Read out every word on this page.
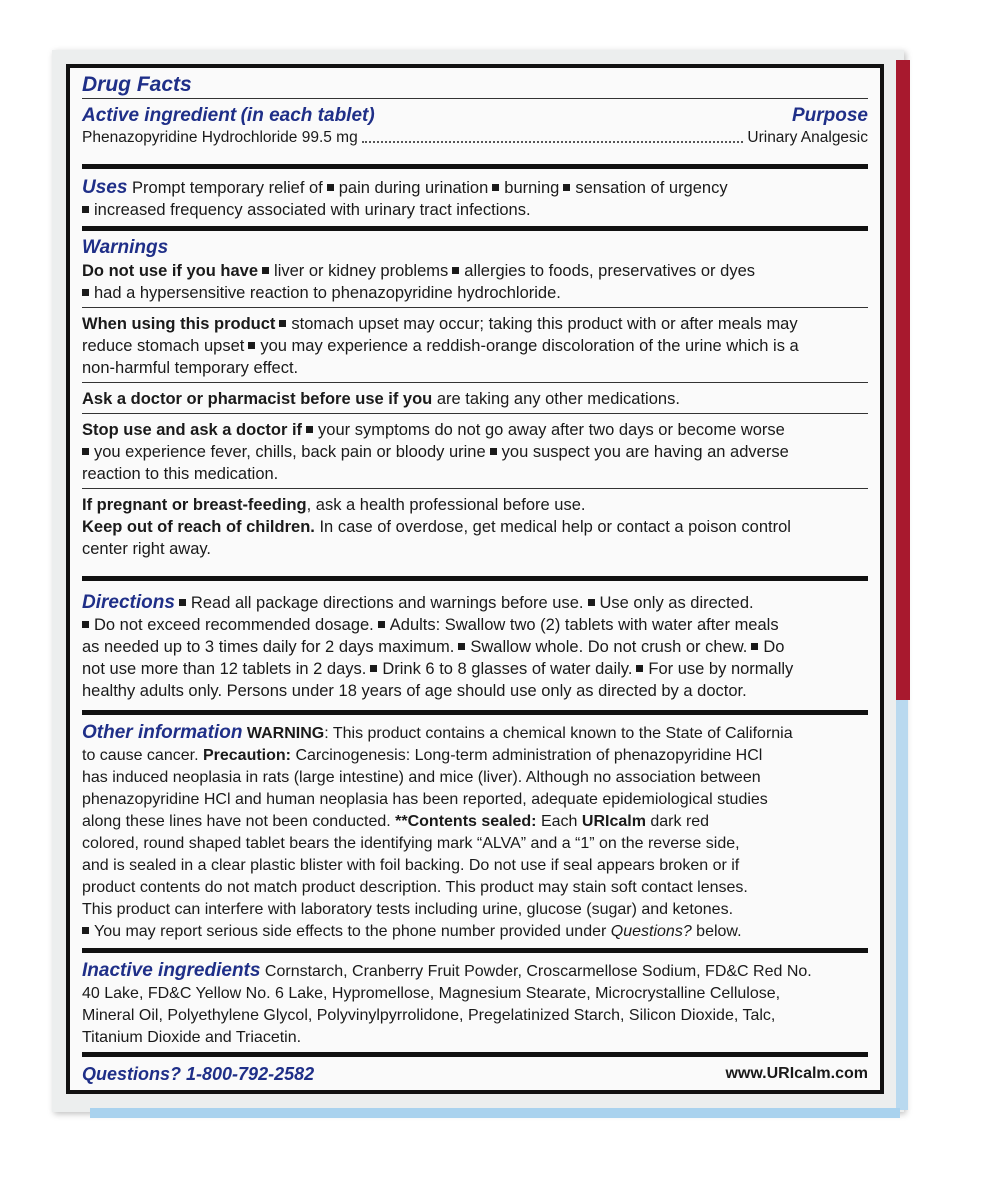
Drug Facts
Active ingredient (in each tablet)	Purpose
Phenazopyridine Hydrochloride 99.5 mg	Urinary Analgesic
Uses Prompt temporary relief of pain during urination burning sensation of urgency
increased frequency associated with urinary tract infections.
Warnings
Do not use if you have liver or kidney problems allergies to foods, preservatives or dyes
had a hypersensitive reaction to phenazopyridine hydrochloride.
When using this product stomach upset may occur; taking this product with or after meals may
reduce stomach upset you may experience a reddish-orange discoloration of the urine which is a
non-harmful temporary effect.
Ask a doctor or pharmacist before use if you are taking any other medications.
Stop use and ask a doctor if your symptoms do not go away after two days or become worse
you experience fever, chills, back pain or bloody urine you suspect you are having an adverse
reaction to this medication.
If pregnant or breast-feeding, ask a health professional before use.
Keep out of reach of children. In case of overdose, get medical help or contact a poison control
center right away.
Directions Read all package directions and warnings before use. Use only as directed.
Do not exceed recommended dosage. Adults: Swallow two (2) tablets with water after meals
as needed up to 3 times daily for 2 days maximum. Swallow whole. Do not crush or chew. Do
not use more than 12 tablets in 2 days. Drink 6 to 8 glasses of water daily. For use by normally
healthy adults only. Persons under 18 years of age should use only as directed by a doctor.
Other information WARNING: This product contains a chemical known to the State of California
to cause cancer. Precaution: Carcinogenesis: Long-term administration of phenazopyridine HCl
has induced neoplasia in rats (large intestine) and mice (liver). Although no association between
phenazopyridine HCl and human neoplasia has been reported, adequate epidemiological studies
along these lines have not been conducted. **Contents sealed: Each URIcalm dark red
colored, round shaped tablet bears the identifying mark “ALVA” and a “1” on the reverse side,
and is sealed in a clear plastic blister with foil backing. Do not use if seal appears broken or if
product contents do not match product description. This product may stain soft contact lenses.
This product can interfere with laboratory tests including urine, glucose (sugar) and ketones.
You may report serious side effects to the phone number provided under Questions? below.
Inactive ingredients Cornstarch, Cranberry Fruit Powder, Croscarmellose Sodium, FD&C Red No.
40 Lake, FD&C Yellow No. 6 Lake, Hypromellose, Magnesium Stearate, Microcrystalline Cellulose,
Mineral Oil, Polyethylene Glycol, Polyvinylpyrrolidone, Pregelatinized Starch, Silicon Dioxide, Talc,
Titanium Dioxide and Triacetin.
Questions? 1-800-792-2582	www.URIcalm.com
